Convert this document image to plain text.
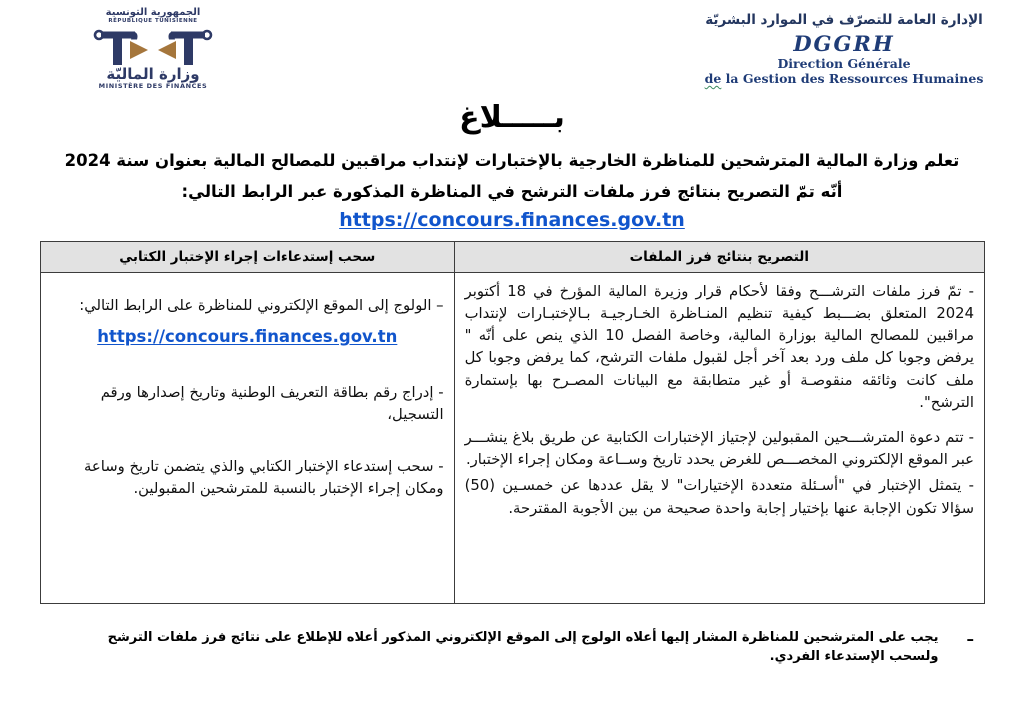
الجمهورية التونسية
RÉPUBLIQUE TUNISIENNE
وزارة الماليّة
MINISTÈRE DES FINANCES
الإدارة العامة للتصرّف في الموارد البشريّة
DGGRH
Direction Générale
de la Gestion des Ressources Humaines
بـــــلاغ
تعلم وزارة المالية المترشحين للمناظرة الخارجية بالإختبارات لإنتداب مراقبين للمصالح المالية بعنوان سنة 2024
أنّه تمّ التصريح بنتائج فرز ملفات الترشح في المناظرة المذكورة عبر الرابط التالي:
https://concours.finances.gov.tn
التصريح بنتائج فرز الملفات
سحب إستدعاءات إجراء الإختبار الكتابي

- تمّ فرز ملفات الترشـــح وفقا لأحكام قرار وزيرة المالية المؤرخ في 18 أكتوبر 2024 المتعلق بضـــبط كيفية تنظيم المنـاظرة الخـارجيـة بـالإختبـارات لإنتداب مراقبين للمصالح المالية بوزارة المالية، وخاصة الفصل 10 الذي ينص على أنّه " يرفض وجوبا كل ملف ورد بعد آخر أجل لقبول ملفات الترشح، كما يرفض وجوبا كل ملف كانت وثائقه منقوصـة أو غير متطابقة مع البيانات المصـرح بها بإستمارة الترشح".

- تتم دعوة المترشـــحين المقبولين لإجتياز الإختبارات الكتابية عن طريق بلاغ ينشـــر عبر الموقع الإلكتروني المخصـــص للغرض يحدد تاريخ وســاعة ومكان إجراء الإختبار.

- يتمثل الإختبار في "أسـئلة متعددة الإختيارات" لا يقل عددها عن خمسـين (50) سؤالا تكون الإجابة عنها بإختيار إجابة واحدة صحيحة من بين الأجوبة المقترحة.

– الولوج إلى الموقع الإلكتروني للمناظرة على الرابط التالي:

https://concours.finances.gov.tn

- إدراج رقم بطاقة التعريف الوطنية وتاريخ إصدارها ورقم التسجيل،

- سحب إستدعاء الإختبار الكتابي والذي يتضمن تاريخ وساعة ومكان إجراء الإختبار بالنسبة للمترشحين المقبولين.

–
يجب على المترشحين للمناظرة المشار إليها أعلاه الولوج إلى الموقع الإلكتروني المذكور أعلاه للإطلاع على نتائج فرز ملفات الترشح ولسحب الإستدعاء الفردي.
